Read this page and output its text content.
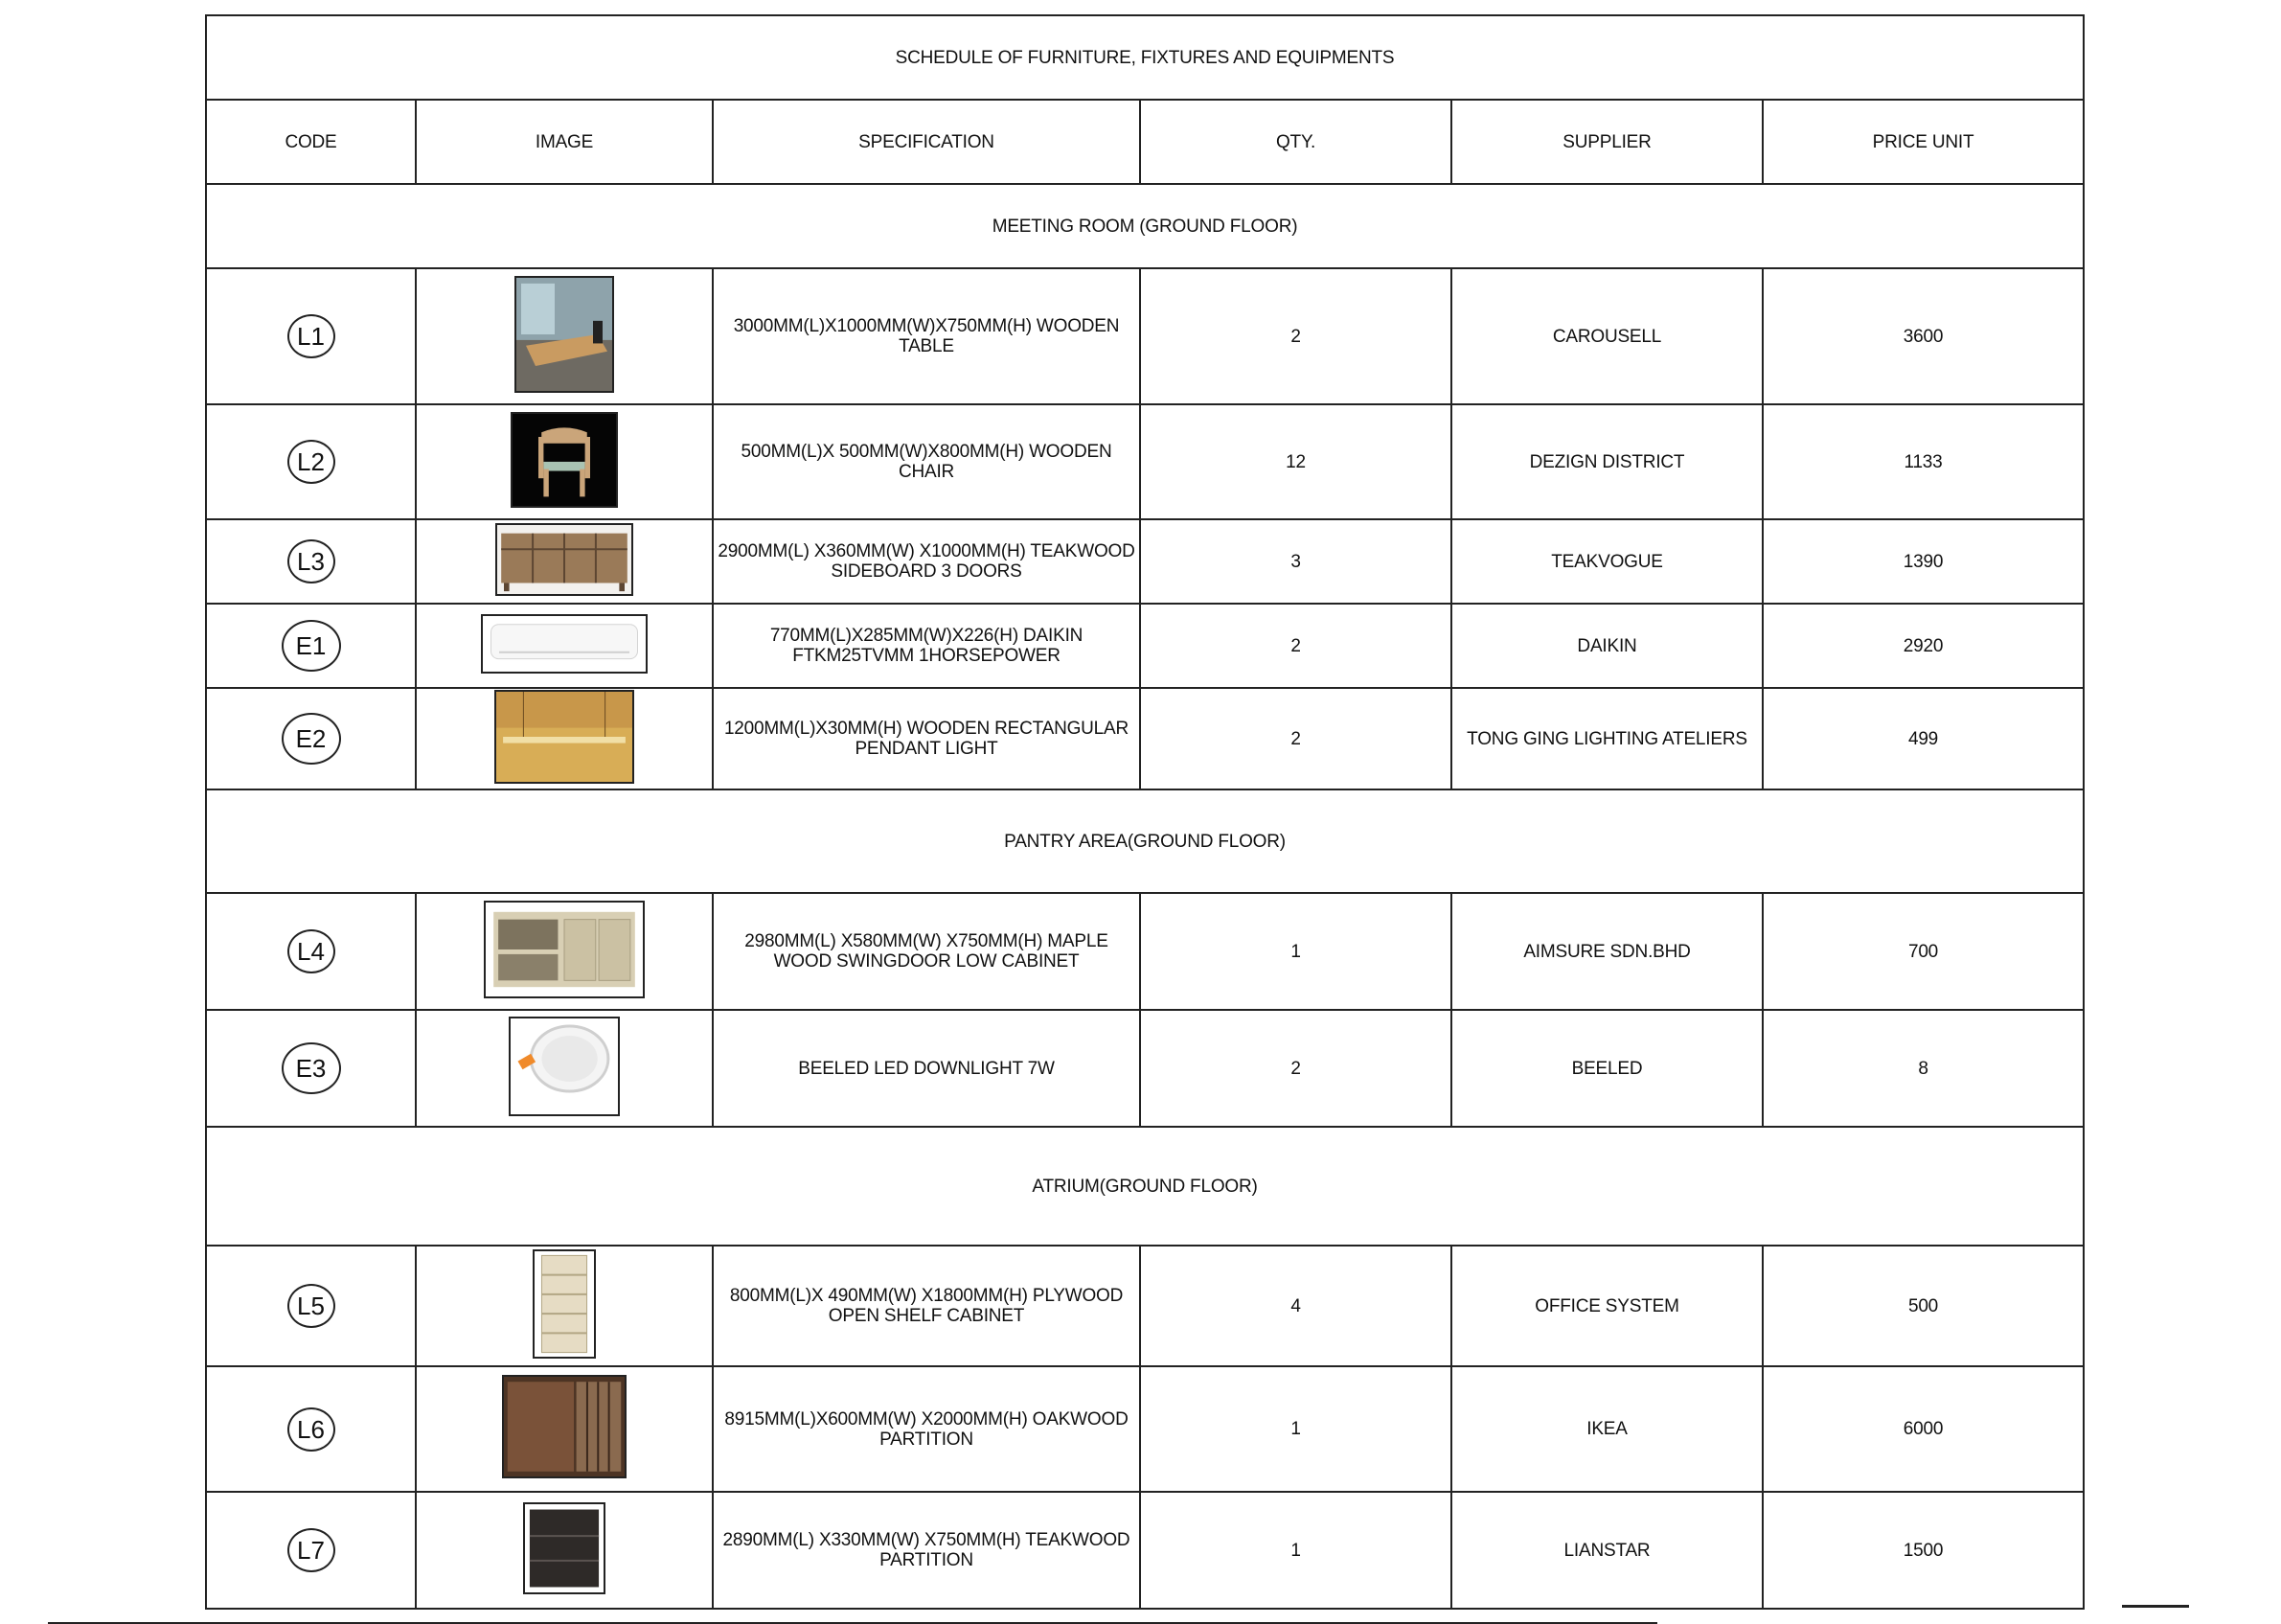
SCHEDULE OF FURNITURE, FIXTURES AND EQUIPMENTS					
CODE	IMAGE	SPECIFICATION	QTY.	SUPPLIER	PRICE UNIT
MEETING ROOM (GROUND FLOOR)					
L1		3000MM(L)X1000MM(W)X750MM(H) WOODEN TABLE	2	CAROUSELL	3600
L2		500MM(L)X 500MM(W)X800MM(H) WOODEN CHAIR	12	DEZIGN DISTRICT	1133
L3		2900MM(L) X360MM(W) X1000MM(H) TEAKWOOD SIDEBOARD 3 DOORS	3	TEAKVOGUE	1390
E1		770MM(L)X285MM(W)X226(H) DAIKIN FTKM25TVMM 1HORSEPOWER	2	DAIKIN	2920
E2		1200MM(L)X30MM(H) WOODEN RECTANGULAR PENDANT LIGHT	2	TONG GING LIGHTING ATELIERS	499
PANTRY AREA(GROUND FLOOR)					
L4		2980MM(L) X580MM(W) X750MM(H) MAPLE WOOD SWINGDOOR LOW CABINET	1	AIMSURE SDN.BHD	700
E3		BEELED LED DOWNLIGHT 7W	2	BEELED	8
ATRIUM(GROUND FLOOR)					
L5		800MM(L)X 490MM(W) X1800MM(H) PLYWOOD OPEN SHELF CABINET	4	OFFICE SYSTEM	500
L6		8915MM(L)X600MM(W) X2000MM(H) OAKWOOD PARTITION	1	IKEA	6000
L7		2890MM(L) X330MM(W) X750MM(H) TEAKWOOD PARTITION	1	LIANSTAR	1500
